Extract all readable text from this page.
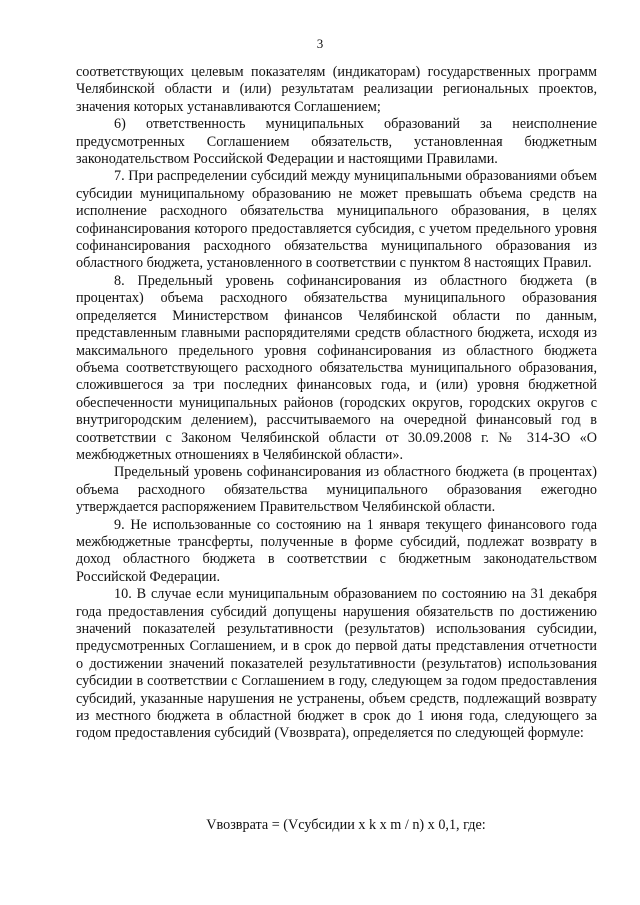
3

соответствующих целевым показателям (индикаторам) государственных программ Челябинской области и (или) результатам реализации региональных проектов, значения которых устанавливаются Соглашением;

6) ответственность муниципальных образований за неисполнение предусмотренных Соглашением обязательств, установленная бюджетным законодательством Российской Федерации и настоящими Правилами.

7. При распределении субсидий между муниципальными образованиями объем субсидии муниципальному образованию не может превышать объема средств на исполнение расходного обязательства муниципального образования, в целях софинансирования которого предоставляется субсидия, с учетом предельного уровня софинансирования расходного обязательства муниципального образования из областного бюджета, установленного в соответствии с пунктом 8 настоящих Правил.

8. Предельный уровень софинансирования из областного бюджета (в процентах) объема расходного обязательства муниципального образования определяется Министерством финансов Челябинской области по данным, представленным главными распорядителями средств областного бюджета, исходя из максимального предельного уровня софинансирования из областного бюджета объема соответствующего расходного обязательства муниципального образования, сложившегося за три последних финансовых года, и (или) уровня бюджетной обеспеченности муниципальных районов (городских округов, городских округов с внутригородским делением), рассчитываемого на очередной финансовый год в соответствии с Законом Челябинской области от 30.09.2008 г. № 314-ЗО «О межбюджетных отношениях в Челябинской области».

Предельный уровень софинансирования из областного бюджета (в процентах) объема расходного обязательства муниципального образования ежегодно утверждается распоряжением Правительством Челябинской области.

9. Не использованные со состоянию на 1 января текущего финансового года межбюджетные трансферты, полученные в форме субсидий, подлежат возврату в доход областного бюджета в соответствии с бюджетным законодательством Российской Федерации.

10. В случае если муниципальным образованием по состоянию на 31 декабря года предоставления субсидий допущены нарушения обязательств по достижению значений показателей результативности (результатов) использования субсидии, предусмотренных Соглашением, и в срок до первой даты представления отчетности о достижении значений показателей результативности (результатов) использования субсидии в соответствии с Соглашением в году, следующем за годом предоставления субсидий, указанные нарушения не устранены, объем средств, подлежащий возврату из местного бюджета в областной бюджет в срок до 1 июня года, следующего за годом предоставления субсидий (Vвозврата), определяется по следующей формуле:

Vвозврата = (Vсубсидии x k x m / n) x 0,1, где:
